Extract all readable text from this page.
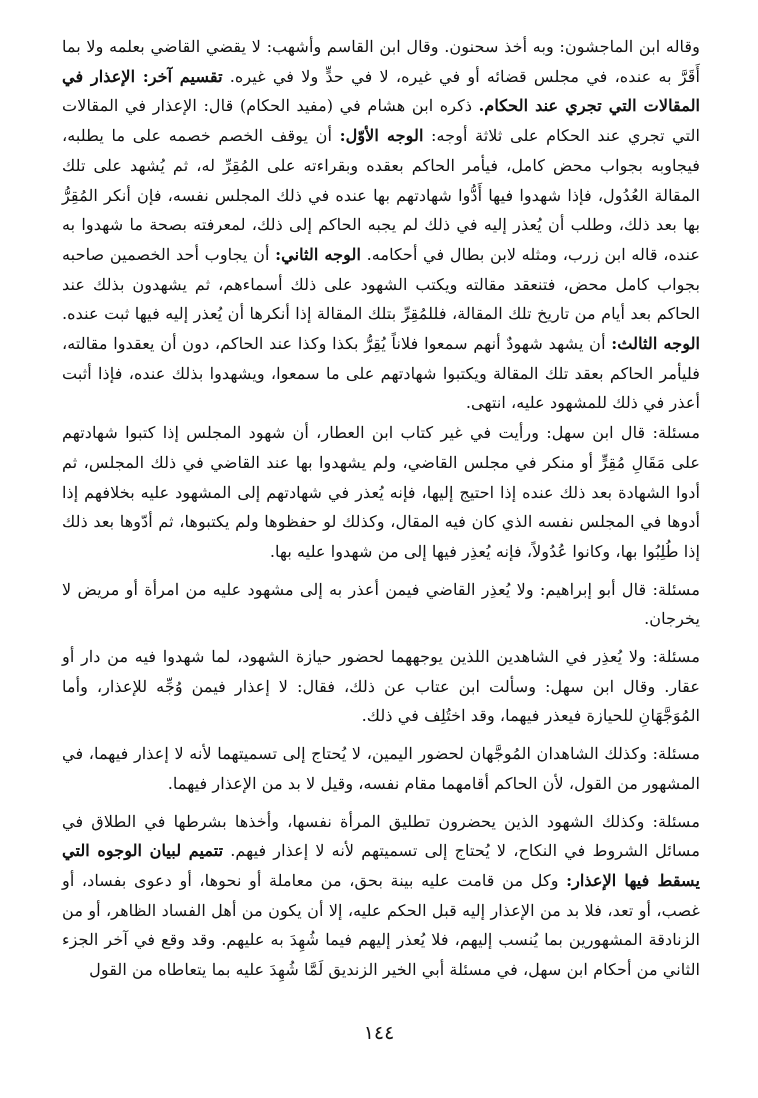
وقاله ابن الماجشون: وبه أخذ سحنون. وقال ابن القاسم وأشهب: لا يقضي القاضي بعلمه ولا بما أَقَرَّ به عنده، في مجلس قضائه أو في غيره، لا في حدٍّ ولا في غيره. تقسيم آخر: الإعذار في المقالات التي تجري عند الحكام. ذكره ابن هشام في (مفيد الحكام) قال: الإعذار في المقالات التي تجري عند الحكام على ثلاثة أوجه: الوجه الأوّل: أن يوقف الخصم خصمه على ما يطلبه، فيجاوبه بجواب محض كامل، فيأمر الحاكم بعقده وبقراءته على المُقِرِّ له، ثم يُشهد على تلك المقالة العُدُول، فإذا شهدوا فيها أَدُّوا شهادتهم بها عنده في ذلك المجلس نفسه، فإن أنكر المُقِرُّ بها بعد ذلك، وطلب أن يُعذر إليه في ذلك لم يجبه الحاكم إلى ذلك، لمعرفته بصحة ما شهدوا به عنده، قاله ابن زرب، ومثله لابن بطال في أحكامه. الوجه الثاني: أن يجاوب أحد الخصمين صاحبه بجواب كامل محض، فتنعقد مقالته ويكتب الشهود على ذلك أسماءهم، ثم يشهدون بذلك عند الحاكم بعد أيام من تاريخ تلك المقالة، فللمُقِرِّ بتلك المقالة إذا أنكرها أن يُعذر إليه فيها ثبت عنده. الوجه الثالث: أن يشهد شهودٌ أنهم سمعوا فلاناً يُقِرُّ بكذا وكذا عند الحاكم، دون أن يعقدوا مقالته، فليأمر الحاكم بعقد تلك المقالة ويكتبوا شهادتهم على ما سمعوا، ويشهدوا بذلك عنده، فإذا أثبت أعذر في ذلك للمشهود عليه، انتهى.

مسئلة: قال ابن سهل: ورأيت في غير كتاب ابن العطار، أن شهود المجلس إذا كتبوا شهادتهم على مَقَالِ مُقِرٍّ أو منكر في مجلس القاضي، ولم يشهدوا بها عند القاضي في ذلك المجلس، ثم أدوا الشهادة بعد ذلك عنده إذا احتيج إليها، فإنه يُعذر في شهادتهم إلى المشهود عليه بخلافهم إذا أدوها في المجلس نفسه الذي كان فيه المقال، وكذلك لو حفظوها ولم يكتبوها، ثم أدّوها بعد ذلك إذا طُلِبُوا بها، وكانوا عُدُولاً، فإنه يُعذِر فيها إلى من شهدوا عليه بها.

مسئلة: قال أبو إبراهيم: ولا يُعذِر القاضي فيمن أعذر به إلى مشهود عليه من امرأة أو مريض لا يخرجان.

مسئلة: ولا يُعذِر في الشاهدين اللذين يوجههما لحضور حيازة الشهود، لما شهدوا فيه من دار أو عقار. وقال ابن سهل: وسألت ابن عتاب عن ذلك، فقال: لا إعذار فيمن وُجِّه للإعذار، وأما المُوَجَّهَانِ للحيازة فيعذر فيهما، وقد اختُلِف في ذلك.

مسئلة: وكذلك الشاهدان المُوجَّهان لحضور اليمين، لا يُحتاج إلى تسميتهما لأنه لا إعذار فيهما، في المشهور من القول، لأن الحاكم أقامهما مقام نفسه، وقيل لا بد من الإعذار فيهما.

مسئلة: وكذلك الشهود الذين يحضرون تطليق المرأة نفسها، وأخذها بشرطها في الطلاق في مسائل الشروط في النكاح، لا يُحتاج إلى تسميتهم لأنه لا إعذار فيهم. تتميم لبيان الوجوه التي يسقط فيها الإعذار: وكل من قامت عليه بينة بحق، من معاملة أو نحوها، أو دعوى بفساد، أو غصب، أو تعد، فلا بد من الإعذار إليه قبل الحكم عليه، إلا أن يكون من أهل الفساد الظاهر، أو من الزنادقة المشهورين بما يُنسب إليهم، فلا يُعذر إليهم فيما شُهِدَ به عليهم. وقد وقع في آخر الجزء الثاني من أحكام ابن سهل، في مسئلة أبي الخير الزنديق لَمَّا شُهِدَ عليه بما يتعاطاه من القول

١٤٤
